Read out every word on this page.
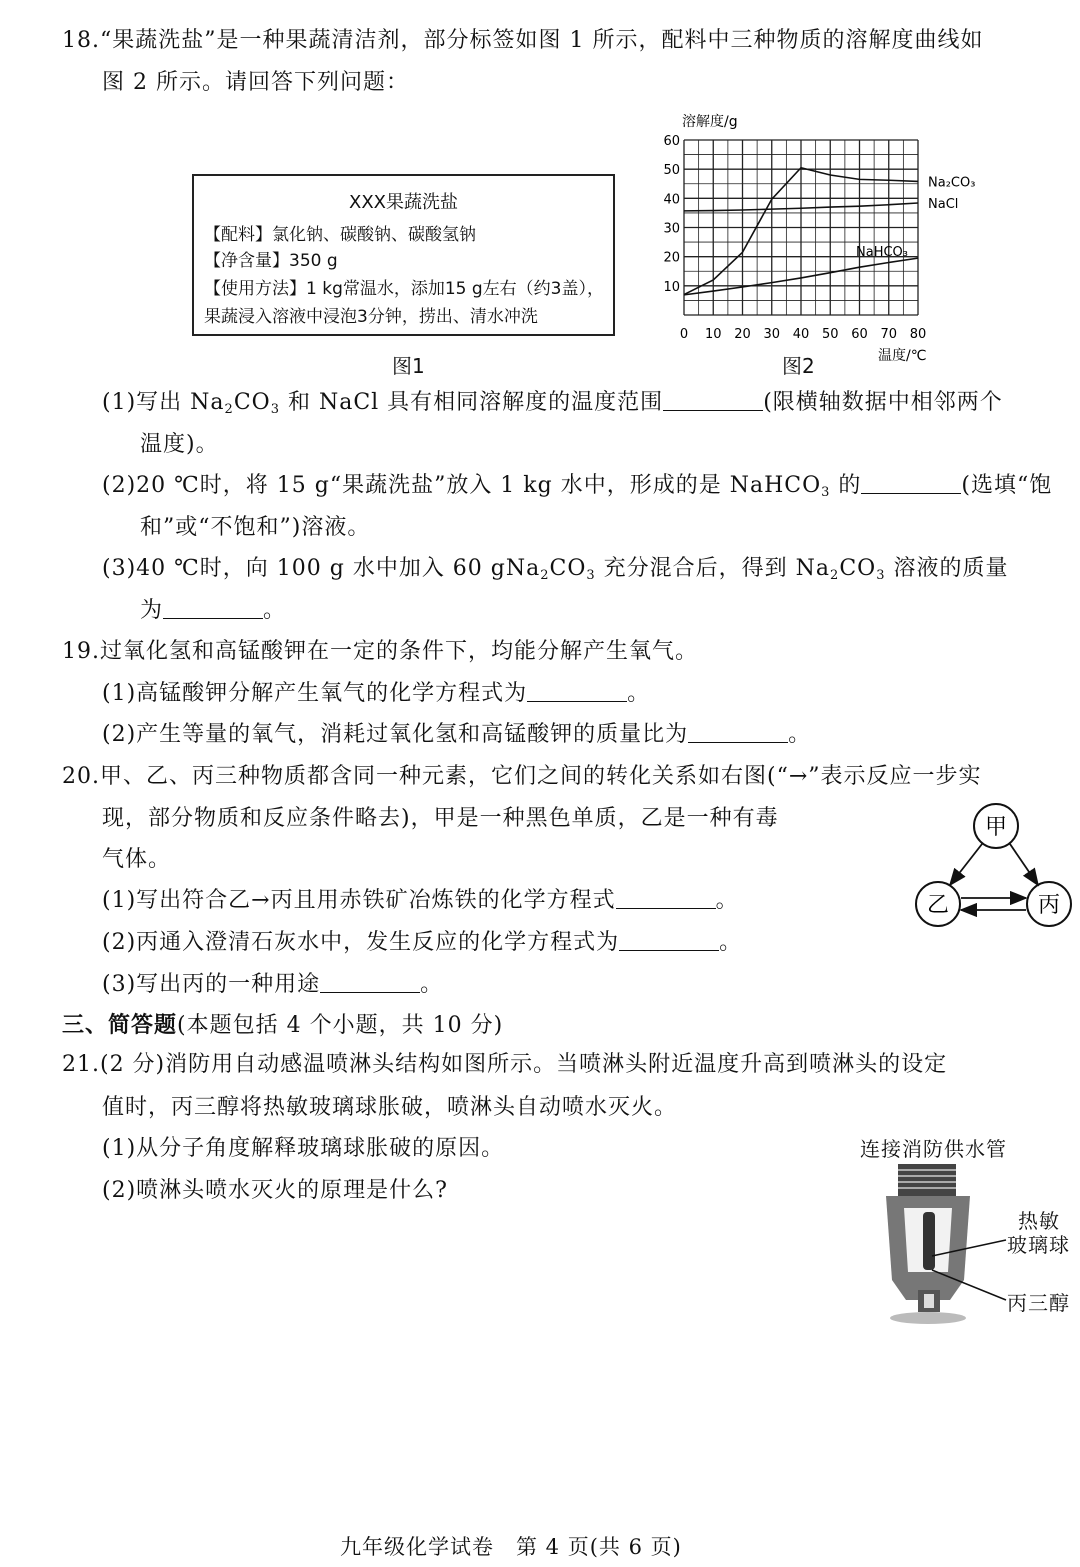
18.“果蔬洗盐”是一种果蔬清洁剂，部分标签如图 1 所示，配料中三种物质的溶解度曲线如
图 2 所示。请回答下列问题：
XXX果蔬洗盐
【配料】氯化钠、碳酸钠、碳酸氢钠
【净含量】350 g
【使用方法】1 kg常温水，添加15 g左右（约3盖），
果蔬浸入溶液中浸泡3分钟，捞出、清水冲洗
图1	图2
0 10 20 30 40 50 60 70 80
10
20
30
40
50
60
Na₂CO₃
NaCl
NaHCO₃
溶解度/g
温度/℃
(1)写出 $Na_2CO_3$ 和 NaCl 具有相同溶解度的温度范围	(限横轴数据中相邻两个
温度)。
(2)20 ℃时，将 15 g“果蔬洗盐”放入 1 kg 水中，形成的是 NaHCO$_3$ 的	(选填“饱
和”或“不饱和”)溶液。
(3)40 ℃时，向 100 g 水中加入 60 $gNa_2CO_3$ 充分混合后，得到 $Na_2CO_3$ 溶液的质量
为	。
19.过氧化氢和高锰酸钾在一定的条件下，均能分解产生氧气。
(1)高锰酸钾分解产生氧气的化学方程式为	。
(2)产生等量的氧气，消耗过氧化氢和高锰酸钾的质量比为	。
20.甲、乙、丙三种物质都含同一种元素，它们之间的转化关系如右图(“→”表示反应一步实
现，部分物质和反应条件略去)，甲是一种黑色单质，乙是一种有毒
气体。
(1)写出符合乙→丙且用赤铁矿冶炼铁的化学方程式	。
(2)丙通入澄清石灰水中，发生反应的化学方程式为	。
(3)写出丙的一种用途	。
甲
乙	丙
三、简答题(本题包括 4 个小题，共 10 分)
21.(2 分)消防用自动感温喷淋头结构如图所示。当喷淋头附近温度升高到喷淋头的设定
值时，丙三醇将热敏玻璃球胀破，喷淋头自动喷水灭火。
(1)从分子角度解释玻璃球胀破的原因。
(2)喷淋头喷水灭火的原理是什么?
连接消防供水管
热敏
玻璃球
丙三醇
九年级化学试卷　第 4 页(共 6 页)
